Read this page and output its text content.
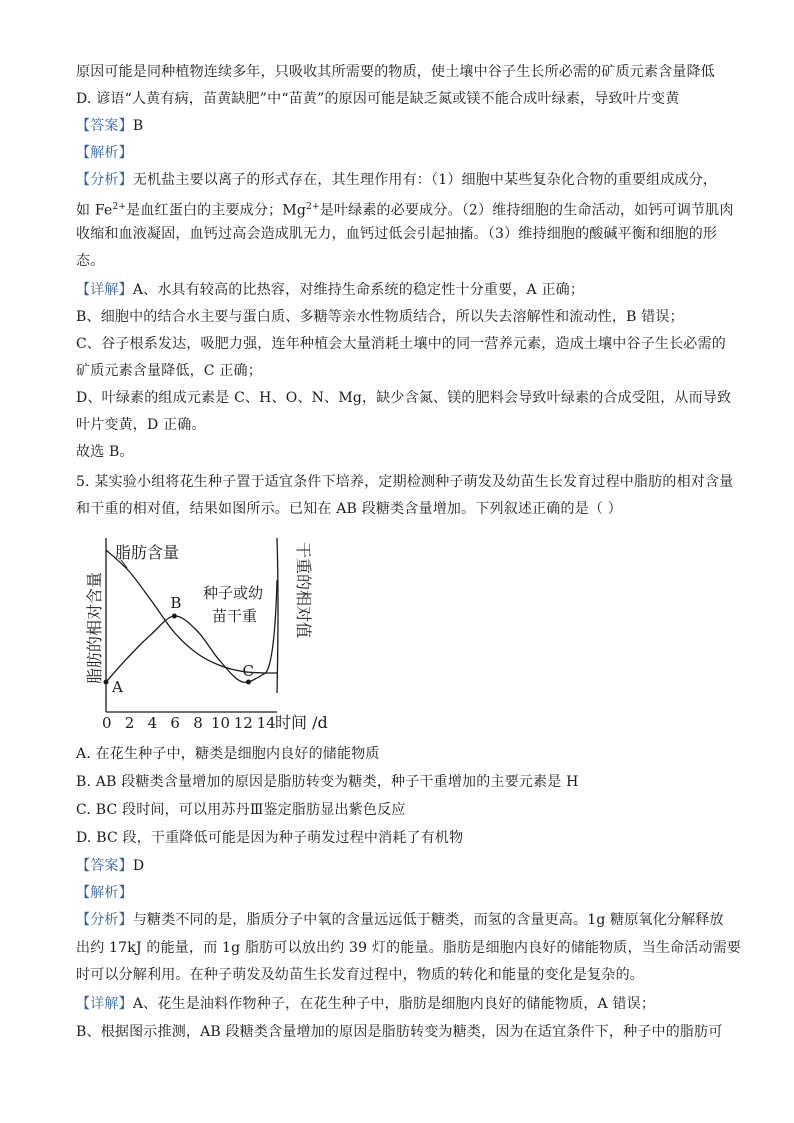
原因可能是同种植物连续多年，只吸收其所需要的物质，使土壤中谷子生长所必需的矿质元素含量降低
D. 谚语“人黄有病，苗黄缺肥”中“苗黄”的原因可能是缺乏氮或镁不能合成叶绿素，导致叶片变黄
【答案】B
【解析】
【分析】无机盐主要以离子的形式存在，其生理作用有：（1）细胞中某些复杂化合物的重要组成成分，
如 $Fe^{2+}$是血红蛋白的主要成分；$Mg^{2+}$是叶绿素的必要成分。（2）维持细胞的生命活动，如钙可调节肌肉
收缩和血液凝固，血钙过高会造成肌无力，血钙过低会引起抽搐。（3）维持细胞的酸碱平衡和细胞的形
态。
【详解】A、水具有较高的比热容，对维持生命系统的稳定性十分重要，A 正确；
B、细胞中的结合水主要与蛋白质、多糖等亲水性物质结合，所以失去溶解性和流动性，B 错误；
C、谷子根系发达，吸肥力强，连年种植会大量消耗土壤中的同一营养元素，造成土壤中谷子生长必需的
矿质元素含量降低，C 正确；
D、叶绿素的组成元素是 C、H、O、N、Mg，缺少含氮、镁的肥料会导致叶绿素的合成受阻，从而导致
叶片变黄，D 正确。
故选 B。
5. 某实验小组将花生种子置于适宜条件下培养，定期检测种子萌发及幼苗生长发育过程中脂肪的相对含量
和干重的相对值，结果如图所示。已知在 AB 段糖类含量增加。下列叙述正确的是（ ）
脂肪的相对含量	干重的相对值
脂肪含量
种子或幼
苗干重
A
B
C
0 2 4 6 8 10 12 14 时间 /d
A. 在花生种子中，糖类是细胞内良好的储能物质
B. AB 段糖类含量增加的原因是脂肪转变为糖类，种子干重增加的主要元素是 H
C. BC 段时间，可以用苏丹Ⅲ鉴定脂肪显出紫色反应
D. BC 段，干重降低可能是因为种子萌发过程中消耗了有机物
【答案】D
【解析】
【分析】与糖类不同的是，脂质分子中氧的含量远远低于糖类，而氢的含量更高。1g 糖原氧化分解释放
出约 17kJ 的能量，而 1g 脂肪可以放出约 39 灯的能量。脂肪是细胞内良好的储能物质，当生命活动需要
时可以分解利用。在种子萌发及幼苗生长发育过程中，物质的转化和能量的变化是复杂的。
【详解】A、花生是油料作物种子，在花生种子中，脂肪是细胞内良好的储能物质，A 错误；
B、根据图示推测，AB 段糖类含量增加的原因是脂肪转变为糖类，因为在适宜条件下，种子中的脂肪可
